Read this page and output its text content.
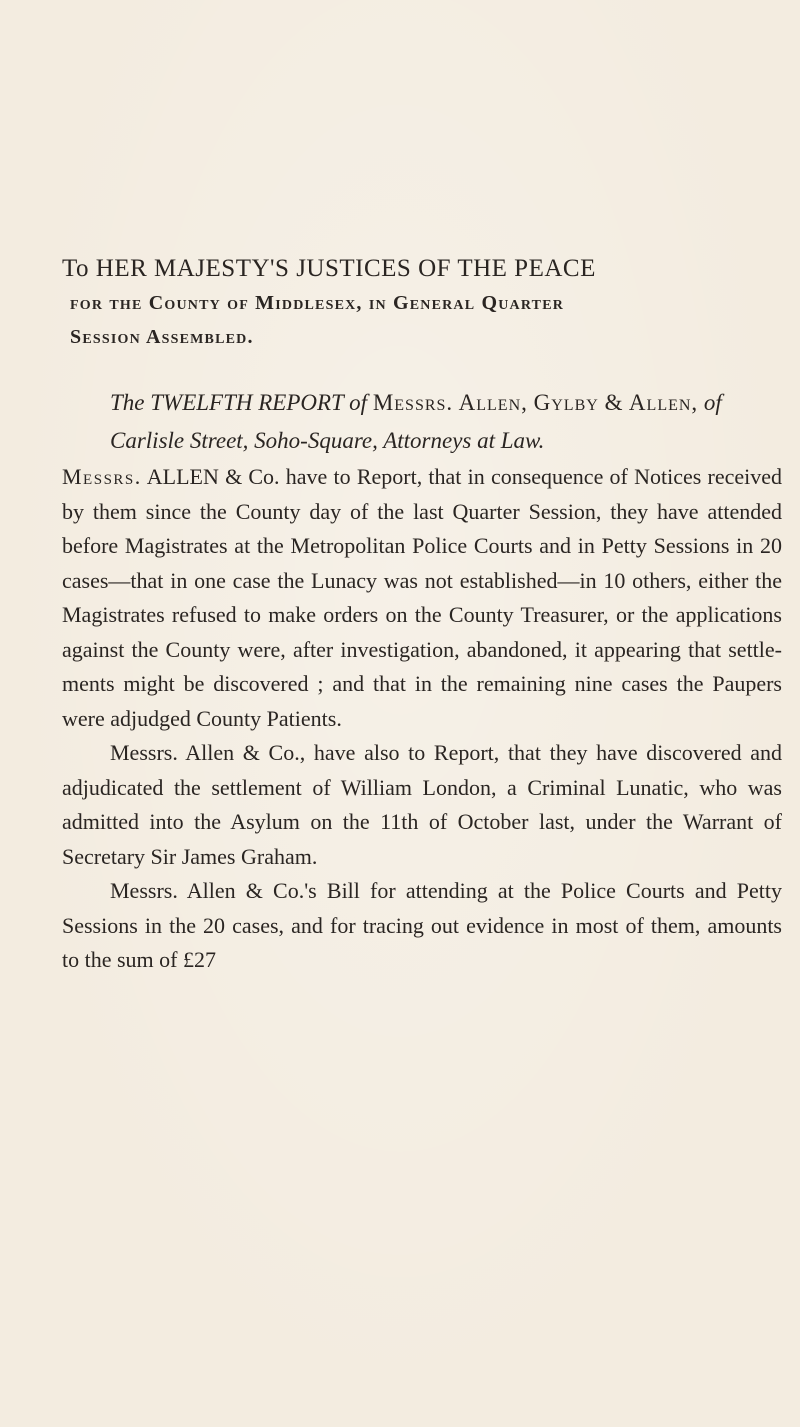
To HER MAJESTY'S JUSTICES OF THE PEACE
for the County of Middlesex, in General Quarter
Session Assembled.
The TWELFTH REPORT of Messrs. Allen, Gylby & Allen, of Carlisle Street, Soho-Square, Attorneys at Law.

Messrs. ALLEN & Co. have to Report, that in consequence of Notices received by them since the County day of the last Quarter Session, they have attended before Magistrates at the Metropolitan Police Courts and in Petty Sessions in 20 cases—that in one case the Lunacy was not established—in 10 others, either the Magistrates refused to make orders on the County Treasurer, or the applications against the County were, after investigation, abandoned, it appearing that settlements might be discovered ; and that in the remaining nine cases the Paupers were adjudged County Patients.

Messrs. Allen & Co., have also to Report, that they have discovered and adjudicated the settlement of William London, a Criminal Lunatic, who was admitted into the Asylum on the 11th of October last, under the Warrant of Secretary Sir James Graham.

Messrs. Allen & Co.'s Bill for attending at the Police Courts and Petty Sessions in the 20 cases, and for tracing out evidence in most of them, amounts to the sum of £27
